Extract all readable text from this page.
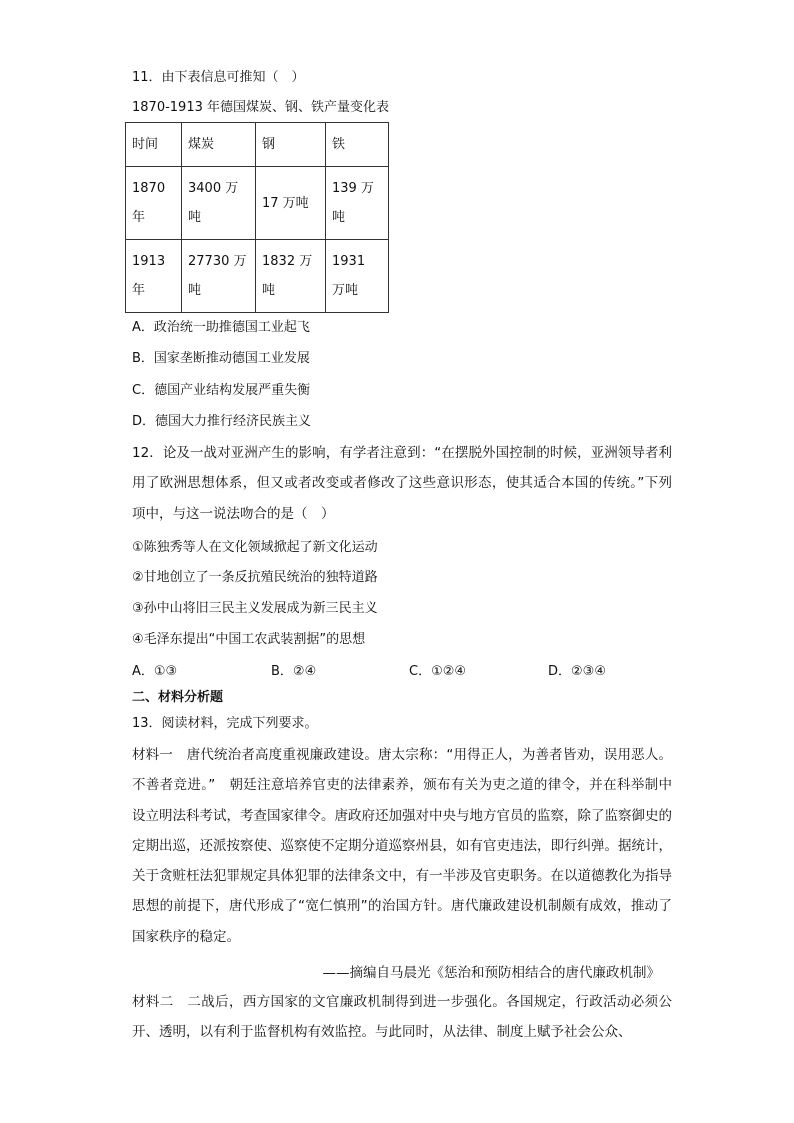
11．由下表信息可推知（　）
1870-1913 年德国煤炭、钢、铁产量变化表
时间	煤炭	钢	铁
1870 年	3400 万吨	17 万吨	139 万吨
1913 年	27730 万吨	1832 万吨	1931 万吨
A．政治统一助推德国工业起飞
B．国家垄断推动德国工业发展
C．德国产业结构发展严重失衡
D．德国大力推行经济民族主义
12．论及一战对亚洲产生的影响，有学者注意到：“在摆脱外国控制的时候，亚洲领导者利用了欧洲思想体系，但又或者改变或者修改了这些意识形态，使其适合本国的传统。”下列项中，与这一说法吻合的是（　）
①陈独秀等人在文化领域掀起了新文化运动
②甘地创立了一条反抗殖民统治的独特道路
③孙中山将旧三民主义发展成为新三民主义
④毛泽东提出“中国工农武装割据”的思想
A．①③	B．②④	C．①②④	D．②③④
二、材料分析题
13．阅读材料，完成下列要求。
材料一　唐代统治者高度重视廉政建设。唐太宗称：“用得正人，为善者皆劝，误用恶人。不善者竞进。”　朝廷注意培养官吏的法律素养，颁布有关为吏之道的律令，并在科举制中设立明法科考试，考查国家律令。唐政府还加强对中央与地方官员的监察，除了监察御史的定期出巡，还派按察使、巡察使不定期分道巡察州县，如有官吏违法，即行纠弹。据统计，关于贪赃枉法犯罪规定具体犯罪的法律条文中，有一半涉及官吏职务。在以道德教化为指导思想的前提下，唐代形成了“宽仁慎刑”的治国方针。唐代廉政建设机制颇有成效，推动了国家秩序的稳定。
——摘编自马晨光《惩治和预防相结合的唐代廉政机制》
材料二　二战后，西方国家的文官廉政机制得到进一步强化。各国规定，行政活动必须公开、透明，以有利于监督机构有效监控。与此同时，从法律、制度上赋予社会公众、
